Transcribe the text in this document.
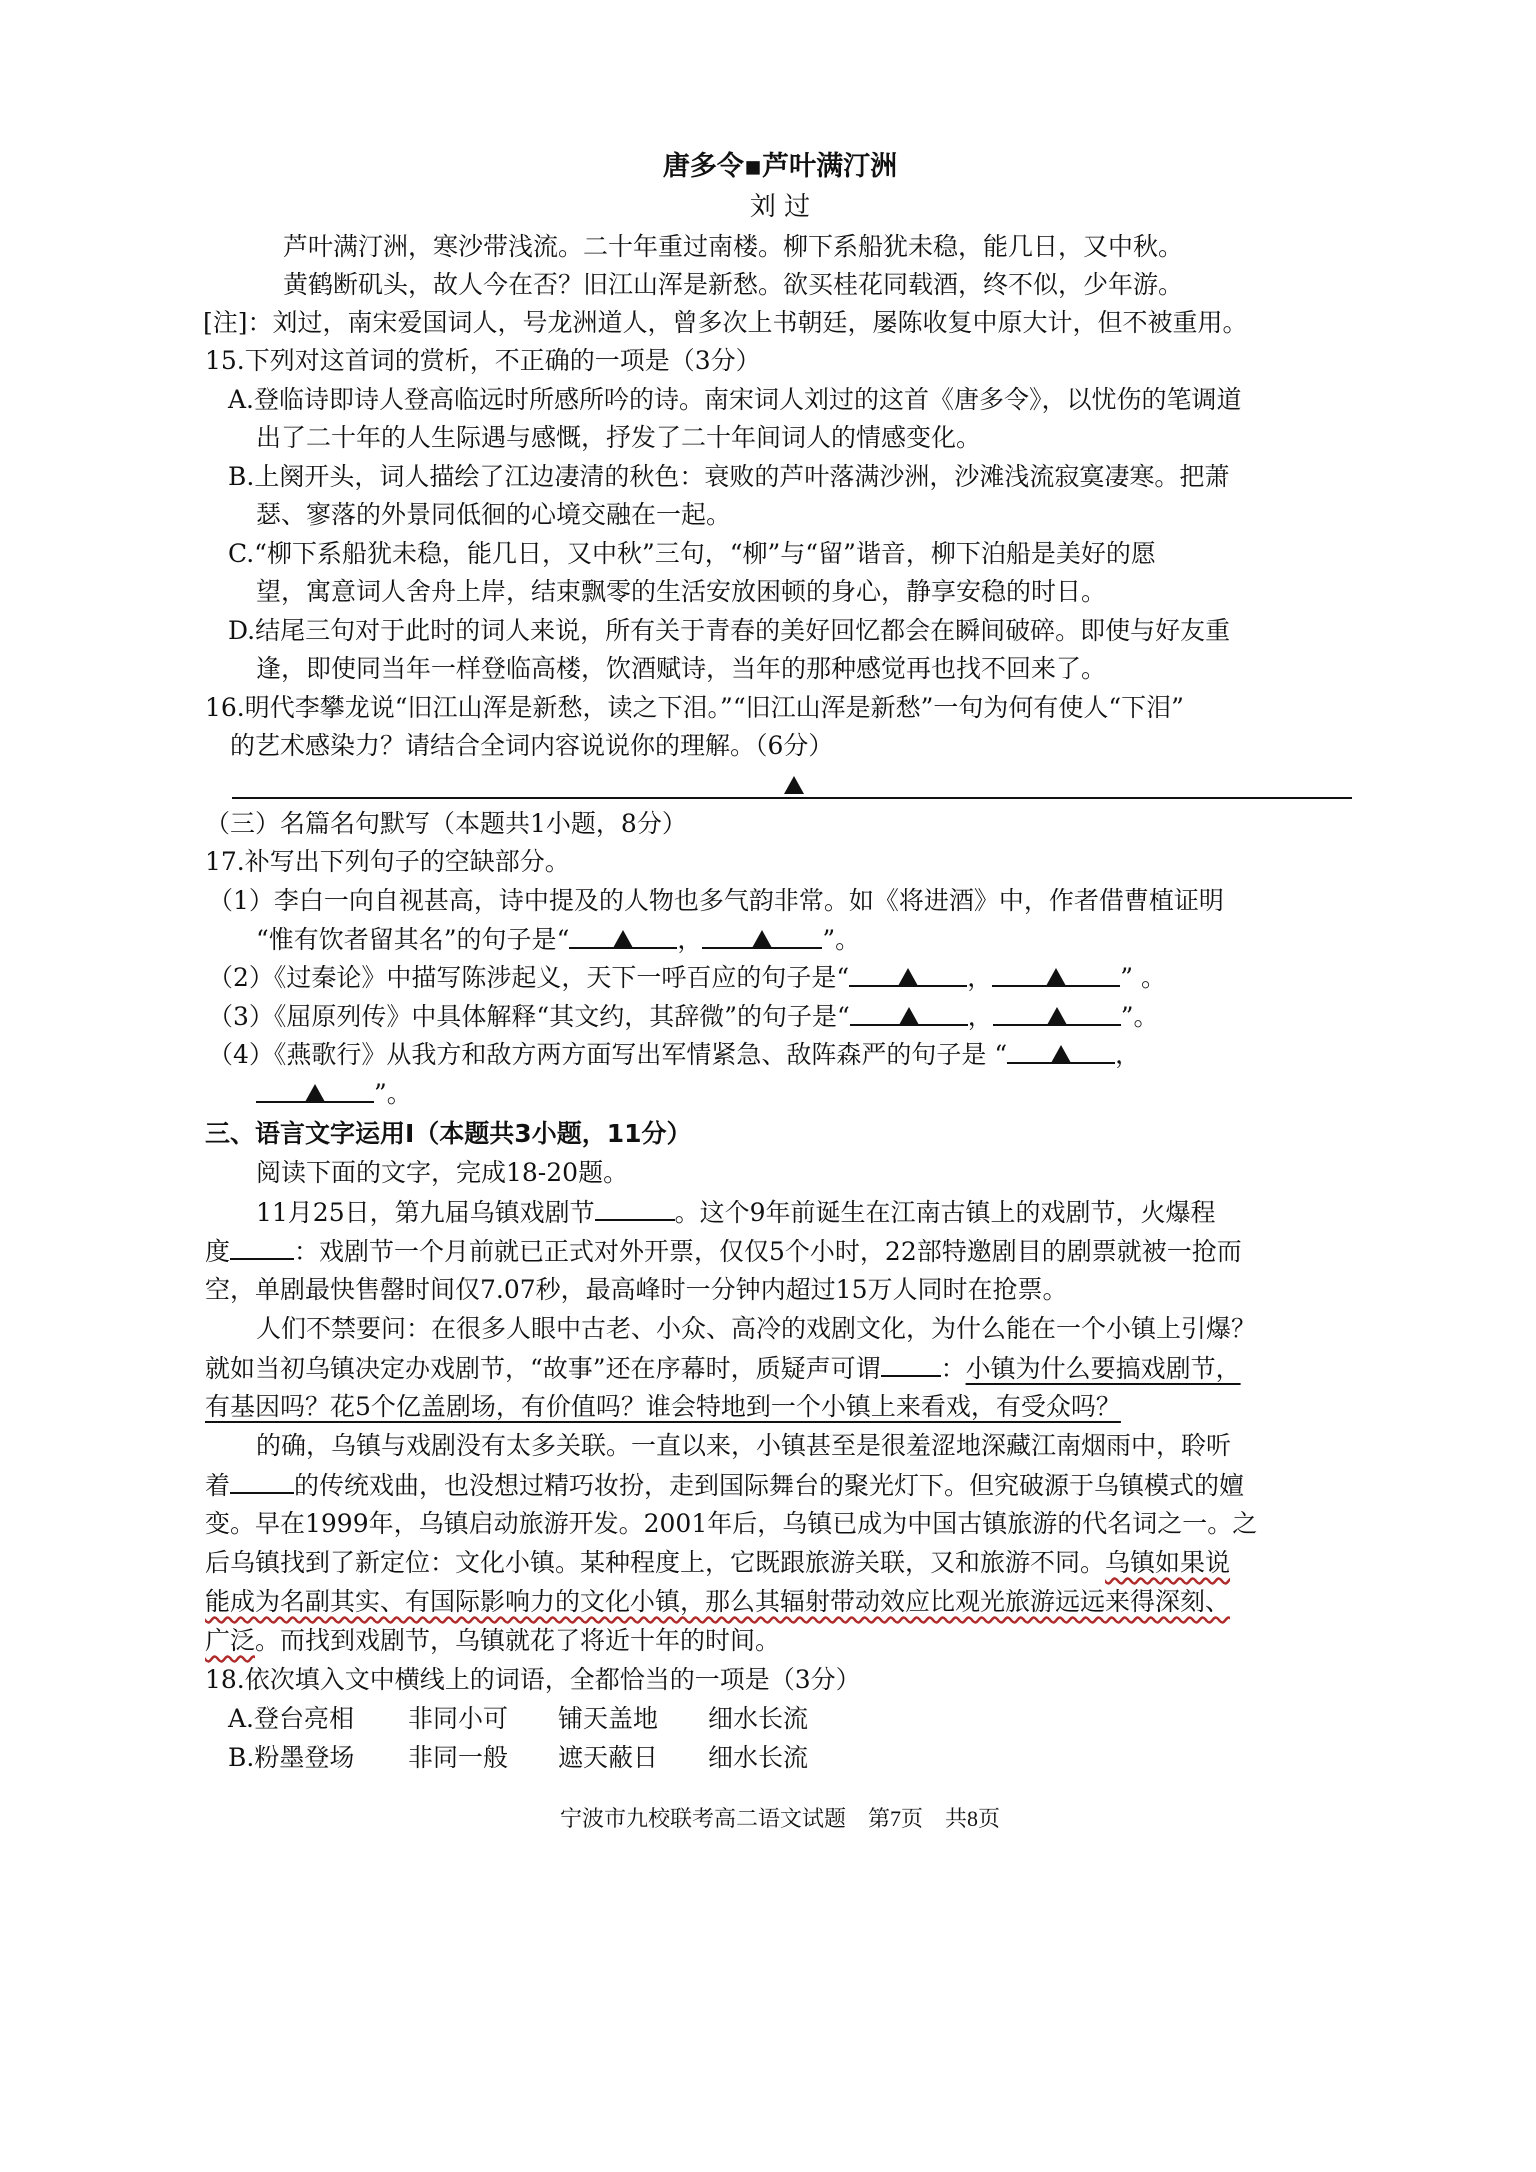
唐多令▪芦叶满汀洲
刘 过
芦叶满汀洲，寒沙带浅流。二十年重过南楼。柳下系船犹未稳，能几日，又中秋。
黄鹤断矶头，故人今在否？旧江山浑是新愁。欲买桂花同载酒，终不似，少年游。
[注]：刘过，南宋爱国词人，号龙洲道人，曾多次上书朝廷，屡陈收复中原大计，但不被重用。
15.下列对这首词的赏析，不正确的一项是（3分）
A.登临诗即诗人登高临远时所感所吟的诗。南宋词人刘过的这首《唐多令》，以忧伤的笔调道
出了二十年的人生际遇与感慨，抒发了二十年间词人的情感变化。
B.上阕开头，词人描绘了江边凄清的秋色：衰败的芦叶落满沙洲，沙滩浅流寂寞凄寒。把萧
瑟、寥落的外景同低徊的心境交融在一起。
C.“柳下系船犹未稳，能几日，又中秋”三句，“柳”与“留”谐音，柳下泊船是美好的愿
望，寓意词人舍舟上岸，结束飘零的生活安放困顿的身心，静享安稳的时日。
D.结尾三句对于此时的词人来说，所有关于青春的美好回忆都会在瞬间破碎。即使与好友重
逢，即使同当年一样登临高楼，饮酒赋诗，当年的那种感觉再也找不回来了。
16.明代李攀龙说“旧江山浑是新愁，读之下泪。”“旧江山浑是新愁”一句为何有使人“下泪”
的艺术感染力？请结合全词内容说说你的理解。（6分）
（三）名篇名句默写（本题共1小题，8分）
17.补写出下列句子的空缺部分。
（1）李白一向自视甚高，诗中提及的人物也多气韵非常。如《将进酒》中，作者借曹植证明
“惟有饮者留其名”的句子是“	，	”。
（2）《过秦论》中描写陈涉起义，天下一呼百应的句子是“	，	” 。
（3）《屈原列传》中具体解释“其文约，其辞微”的句子是“	，	”。
（4）《燕歌行》从我方和敌方两方面写出军情紧急、敌阵森严的句子是 “	，
”。
三、语言文字运用Ⅰ（本题共3小题，11分）
阅读下面的文字，完成18-20题。
11月25日，第九届乌镇戏剧节	。这个9年前诞生在江南古镇上的戏剧节，火爆程
度	：戏剧节一个月前就已正式对外开票，仅仅5个小时，22部特邀剧目的剧票就被一抢而
空，单剧最快售罄时间仅7.07秒，最高峰时一分钟内超过15万人同时在抢票。
人们不禁要问：在很多人眼中古老、小众、高冷的戏剧文化，为什么能在一个小镇上引爆？
就如当初乌镇决定办戏剧节，“故事”还在序幕时，质疑声可谓 ：小镇为什么要搞戏剧节，
有基因吗？花5个亿盖剧场，有价值吗？谁会特地到一个小镇上来看戏，有受众吗？
的确，乌镇与戏剧没有太多关联。一直以来，小镇甚至是很羞涩地深藏江南烟雨中，聆听
着	的传统戏曲，也没想过精巧妆扮，走到国际舞台的聚光灯下。但究破源于乌镇模式的嬗
变。早在1999年，乌镇启动旅游开发。2001年后，乌镇已成为中国古镇旅游的代名词之一。之
后乌镇找到了新定位：文化小镇。某种程度上，它既跟旅游关联，又和旅游不同。乌镇如果说
能成为名副其实、有国际影响力的文化小镇，那么其辐射带动效应比观光旅游远远来得深刻、
广泛。而找到戏剧节，乌镇就花了将近十年的时间。
18.依次填入文中横线上的词语，全都恰当的一项是（3分）
A.登台亮相 非同小可 铺天盖地 细水长流
B.粉墨登场 非同一般 遮天蔽日 细水长流
宁波市九校联考高二语文试题　第7页　共8页
